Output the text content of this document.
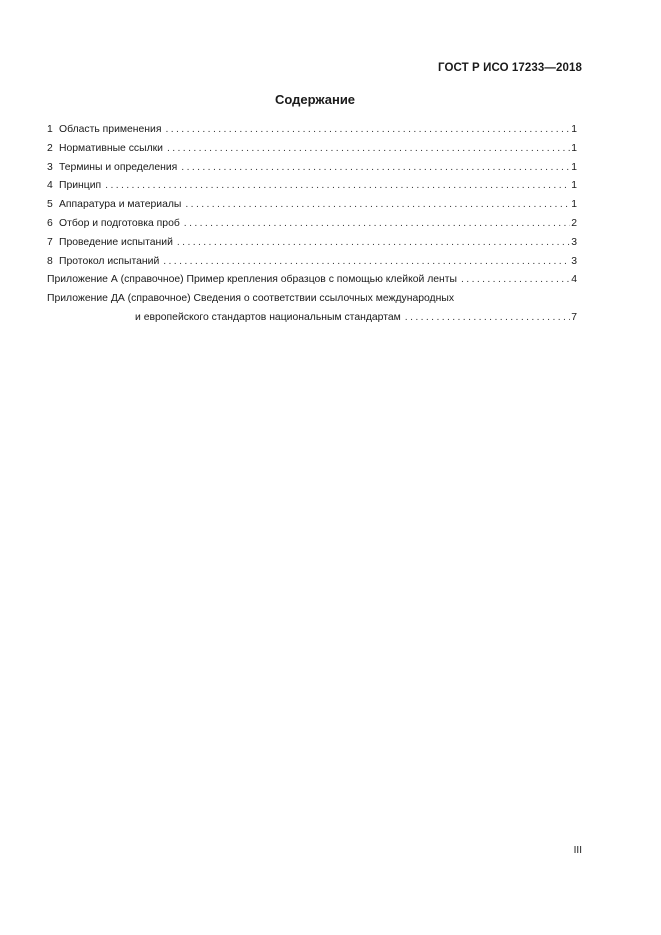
ГОСТ Р ИСО 17233—2018
Содержание
1 Область применения . . .	1
2 Нормативные ссылки . . .	1
3 Термины и определения . . .	1
4 Принцип . . .	1
5 Аппаратура и материалы . . .	1
6 Отбор и подготовка проб . . .	2
7 Проведение испытаний . . .	3
8 Протокол испытаний . . .	3
Приложение А (справочное) Пример крепления образцов с помощью клейкой ленты . . .	4
Приложение ДА (справочное) Сведения о соответствии ссылочных международных
и европейского стандартов национальным стандартам . . .	7
III
